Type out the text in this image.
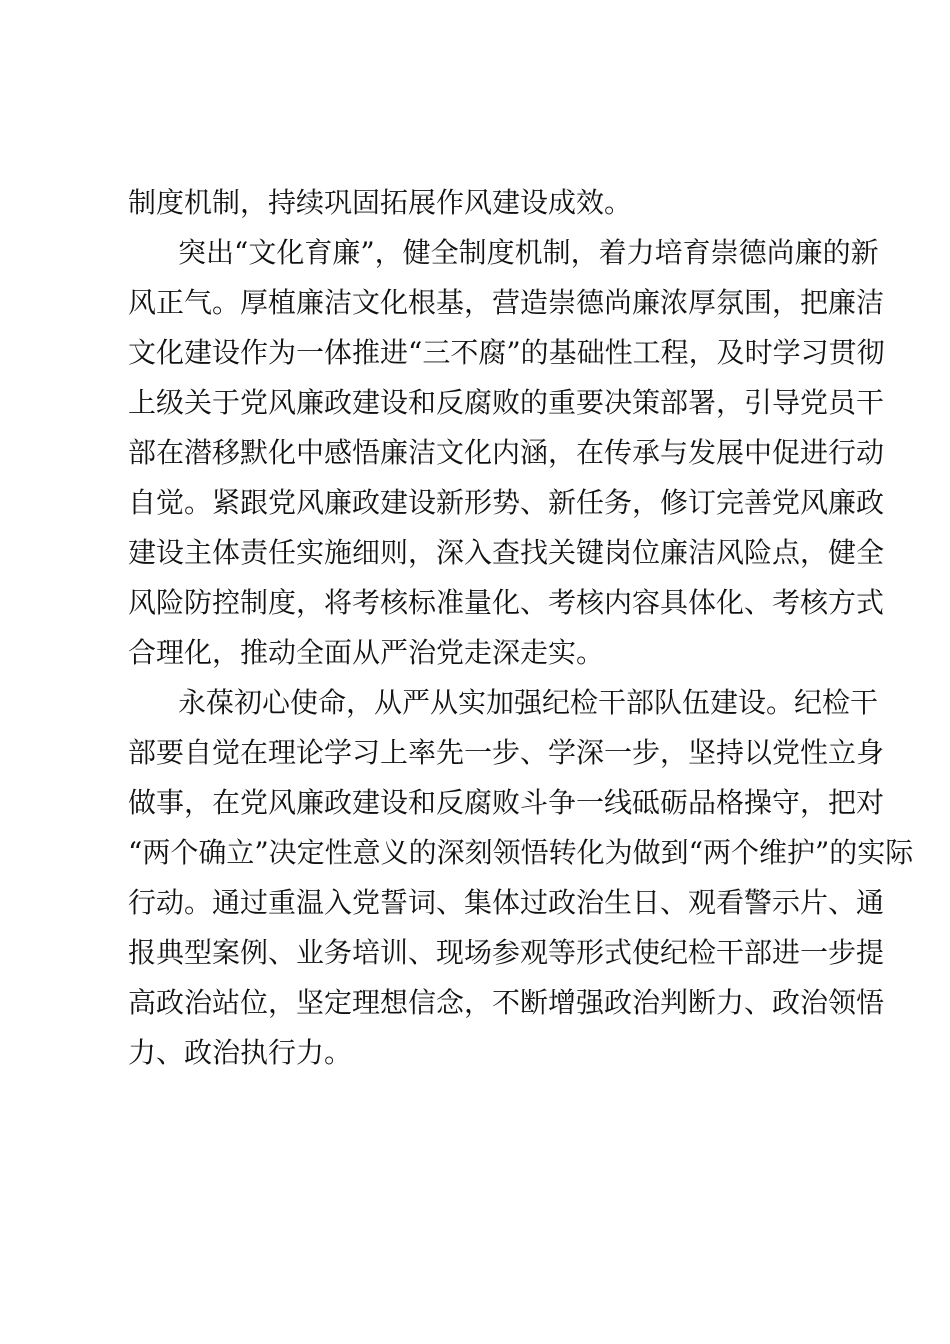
制度机制，持续巩固拓展作风建设成效。
突出“文化育廉”，健全制度机制，着力培育崇德尚廉的新
风正气。厚植廉洁文化根基，营造崇德尚廉浓厚氛围，把廉洁
文化建设作为一体推进“三不腐”的基础性工程，及时学习贯彻
上级关于党风廉政建设和反腐败的重要决策部署，引导党员干
部在潜移默化中感悟廉洁文化内涵，在传承与发展中促进行动
自觉。紧跟党风廉政建设新形势、新任务，修订完善党风廉政
建设主体责任实施细则，深入查找关键岗位廉洁风险点，健全
风险防控制度，将考核标准量化、考核内容具体化、考核方式
合理化，推动全面从严治党走深走实。
永葆初心使命，从严从实加强纪检干部队伍建设。纪检干
部要自觉在理论学习上率先一步、学深一步，坚持以党性立身
做事，在党风廉政建设和反腐败斗争一线砥砺品格操守，把对
“两个确立”决定性意义的深刻领悟转化为做到“两个维护”的实际
行动。通过重温入党誓词、集体过政治生日、观看警示片、通
报典型案例、业务培训、现场参观等形式使纪检干部进一步提
高政治站位，坚定理想信念，不断增强政治判断力、政治领悟
力、政治执行力。
